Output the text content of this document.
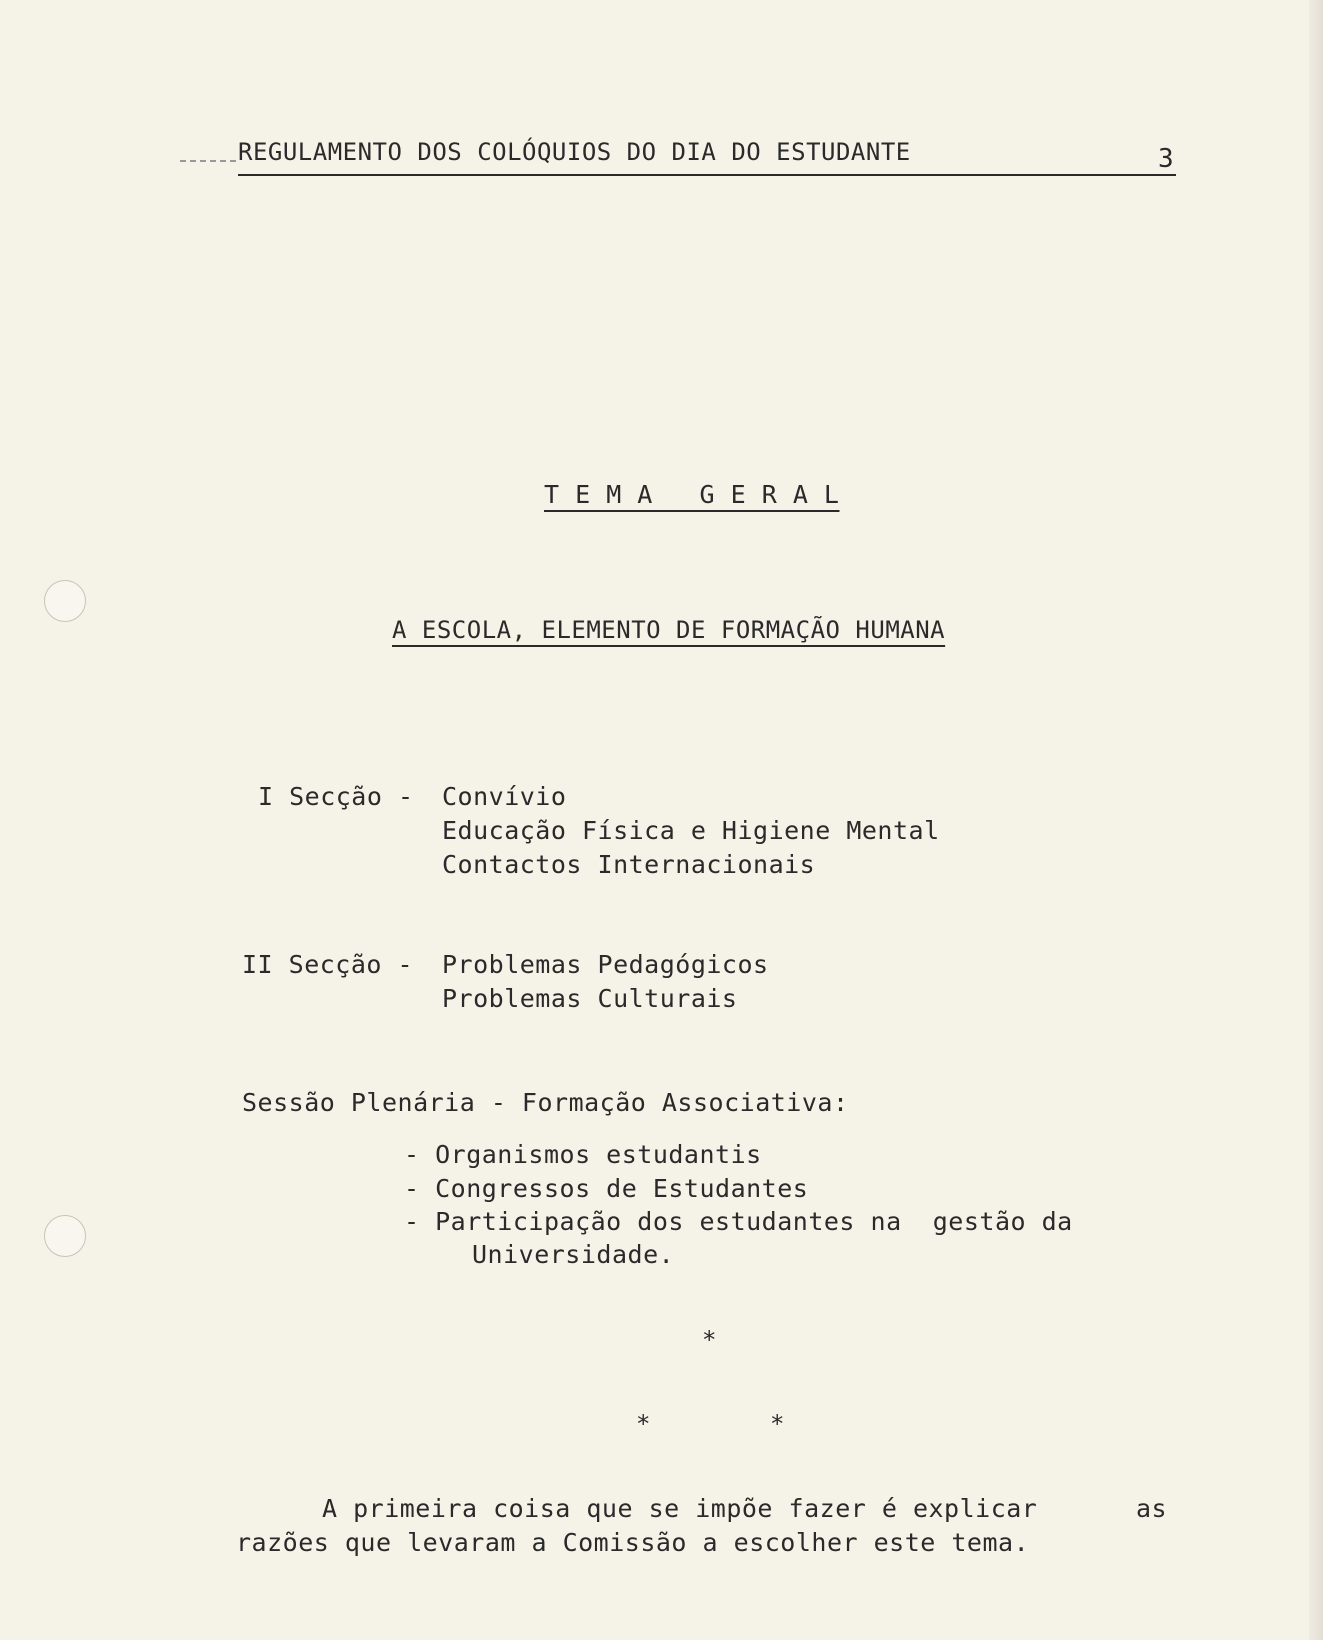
REGULAMENTO DOS COLÓQUIOS DO DIA DO ESTUDANTE	3
T E M A   G E R A L
A ESCOLA, ELEMENTO DE FORMAÇÃO HUMANA
I Secção - Convívio
Educação Física e Higiene Mental
Contactos Internacionais
II Secção - Problemas Pedagógicos
Problemas Culturais
Sessão Plenária - Formação Associativa:
- Organismos estudantis
- Congressos de Estudantes
- Participação dos estudantes na  gestão da
Universidade.
*
*	*
A primeira coisa que se impõe fazer é explicar	as
razões que levaram a Comissão a escolher este tema.
